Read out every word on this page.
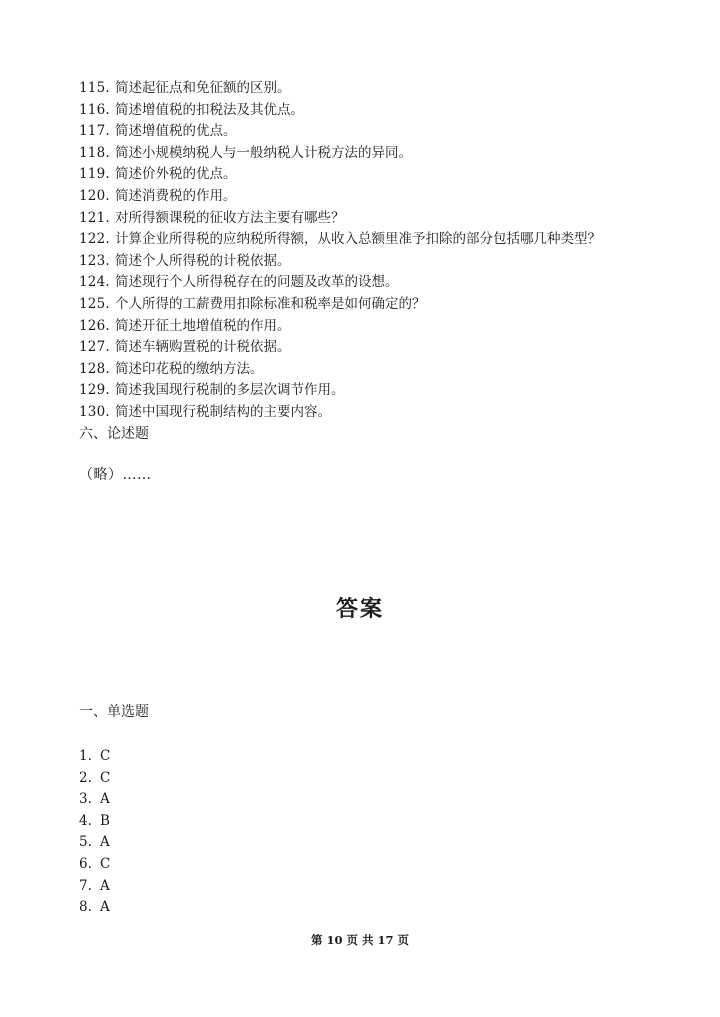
115. 简述起征点和免征额的区别。
116. 简述增值税的扣税法及其优点。
117. 简述增值税的优点。
118. 简述小规模纳税人与一般纳税人计税方法的异同。
119. 简述价外税的优点。
120. 简述消费税的作用。
121. 对所得额课税的征收方法主要有哪些？
122. 计算企业所得税的应纳税所得额，从收入总额里准予扣除的部分包括哪几种类型？
123. 简述个人所得税的计税依据。
124. 简述现行个人所得税存在的问题及改革的设想。
125. 个人所得的工薪费用扣除标准和税率是如何确定的？
126. 简述开征土地增值税的作用。
127. 简述车辆购置税的计税依据。
128. 简述印花税的缴纳方法。
129. 简述我国现行税制的多层次调节作用。
130. 简述中国现行税制结构的主要内容。
六、论述题
（略）……
答案
一、单选题
1. C
2. C
3. A
4. B
5. A
6. C
7. A
8. A
第 10 页 共 17 页
